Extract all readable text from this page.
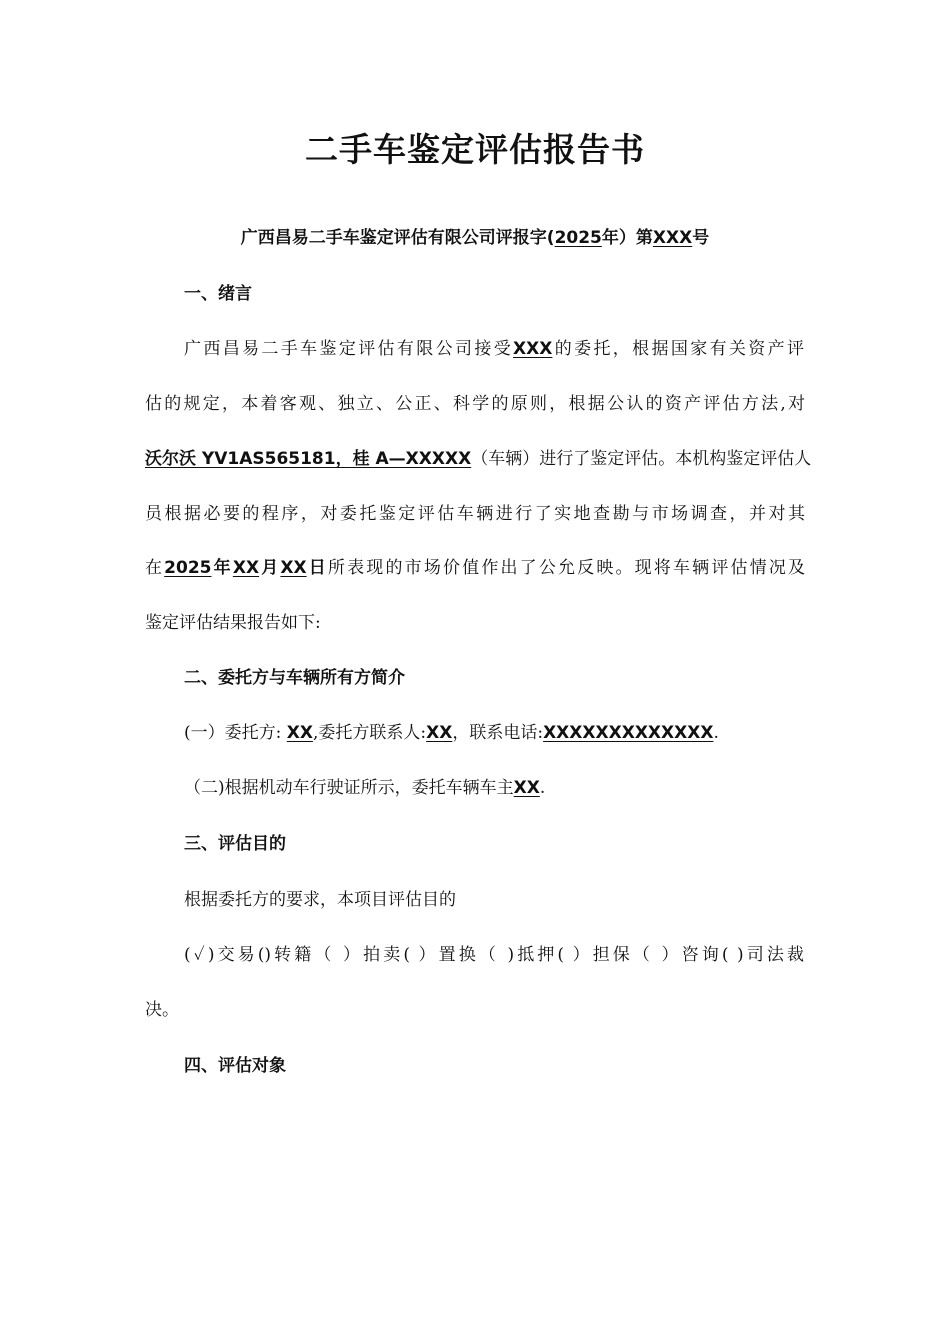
二手车鉴定评估报告书
广西昌易二手车鉴定评估有限公司评报字(2025年）第XXX号
一、绪言
广西昌易二手车鉴定评估有限公司接受XXX的委托，根据国家有关资产评
估的规定，本着客观、独立、公正、科学的原则，根据公认的资产评估方法,对
沃尔沃 YV1AS565181，桂 A—XXXXX（车辆）进行了鉴定评估。本机构鉴定评估人
员根据必要的程序，对委托鉴定评估车辆进行了实地查勘与市场调查，并对其
在2025年XX月XX日所表现的市场价值作出了公允反映。现将车辆评估情况及
鉴定评估结果报告如下:
二、委托方与车辆所有方简介
(一）委托方: XX,委托方联系人:XX，联系电话:XXXXXXXXXXXXX.
（二)根据机动车行驶证所示，委托车辆车主XX.
三、评估目的
根据委托方的要求，本项目评估目的
(✓)交易()转籍（ ）拍卖( ）置换（ )抵押( ）担保（ ）咨询( )司法裁
决。
四、评估对象
